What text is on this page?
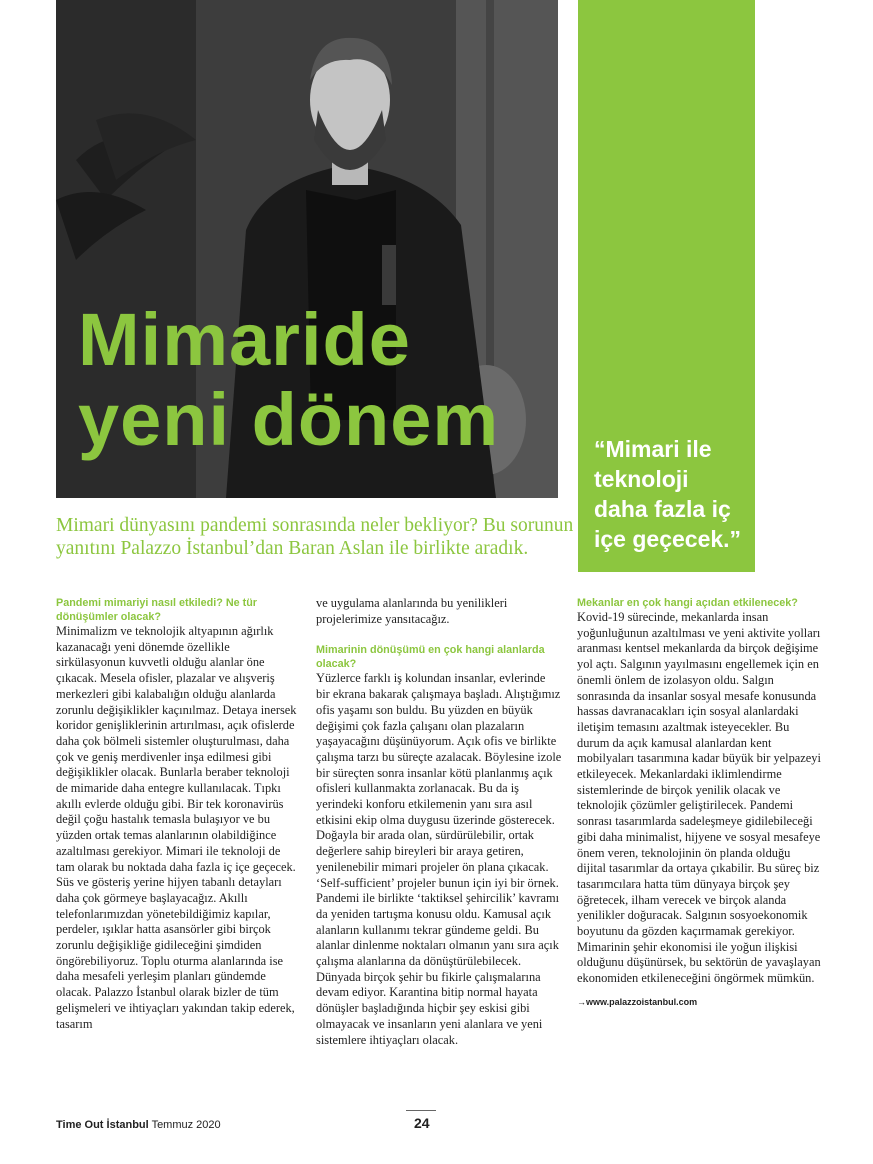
Mimaride
yeni dönem	“Mimari ile teknoloji daha fazla iç içe geçecek.”

Mimari dünyasını pandemi sonrasında neler bekliyor? Bu sorunun yanıtını Palazzo İstanbul’dan Baran Aslan ile birlikte aradık.

Pandemi mimariyi nasıl etkiledi? Ne tür dönüşümler olacak?

Minimalizm ve teknolojik altyapının ağırlık kazanacağı yeni dönemde özellikle sirkülasyonun kuvvetli olduğu alanlar öne çıkacak. Mesela ofisler, plazalar ve alışveriş merkezleri gibi kalabalığın olduğu alanlarda zorunlu değişiklikler kaçınılmaz. Detaya inersek koridor genişliklerinin artırılması, açık ofislerde daha çok bölmeli sistemler oluşturulması, daha çok ve geniş merdivenler inşa edilmesi gibi değişiklikler olacak. Bunlarla beraber teknoloji de mimaride daha entegre kullanılacak. Tıpkı akıllı evlerde olduğu gibi. Bir tek koronavirüs değil çoğu hastalık temasla bulaşıyor ve bu yüzden ortak temas alanlarının olabildiğince azaltılması gerekiyor. Mimari ile teknoloji de tam olarak bu noktada daha fazla iç içe geçecek. Süs ve gösteriş yerine hijyen tabanlı detayları daha çok görmeye başlayacağız. Akıllı telefonlarımızdan yönetebildiğimiz kapılar, perdeler, ışıklar hatta asansörler gibi birçok zorunlu değişikliğe gidileceğini şimdiden öngörebiliyoruz. Toplu oturma alanlarında ise daha mesafeli yerleşim planları gündemde olacak. Palazzo İstanbul olarak bizler de tüm gelişmeleri ve ihtiyaçları yakından takip ederek, tasarım

ve uygulama alanlarında bu yenilikleri projelerimize yansıtacağız.

Mimarinin dönüşümü en çok hangi alanlarda olacak?

Yüzlerce farklı iş kolundan insanlar, evlerinde bir ekrana bakarak çalışmaya başladı. Alıştığımız ofis yaşamı son buldu. Bu yüzden en büyük değişimi çok fazla çalışanı olan plazaların yaşayacağını düşünüyorum. Açık ofis ve birlikte çalışma tarzı bu süreçte azalacak. Böylesine izole bir süreçten sonra insanlar kötü planlanmış açık ofisleri kullanmakta zorlanacak. Bu da iş yerindeki konforu etkilemenin yanı sıra asıl etkisini ekip olma duygusu üzerinde gösterecek. Doğayla bir arada olan, sürdürülebilir, ortak değerlere sahip bireyleri bir araya getiren, yenilenebilir mimari projeler ön plana çıkacak. ‘Self-sufficient’ projeler bunun için iyi bir örnek. Pandemi ile birlikte ‘taktiksel şehircilik’ kavramı da yeniden tartışma konusu oldu. Kamusal açık alanların kullanımı tekrar gündeme geldi. Bu alanlar dinlenme noktaları olmanın yanı sıra açık çalışma alanlarına da dönüştürülebilecek. Dünyada birçok şehir bu fikirle çalışmalarına devam ediyor. Karantina bitip normal hayata dönüşler başladığında hiçbir şey eskisi gibi olmayacak ve insanların yeni alanlara ve yeni sistemlere ihtiyaçları olacak.

Mekanlar en çok hangi açıdan etkilenecek?

Kovid-19 sürecinde, mekanlarda insan yoğunluğunun azaltılması ve yeni aktivite yolları aranması kentsel mekanlarda da birçok değişime yol açtı. Salgının yayılmasını engellemek için en önemli önlem de izolasyon oldu. Salgın sonrasında da insanlar sosyal mesafe konusunda hassas davranacakları için sosyal alanlardaki iletişim temasını azaltmak isteyecekler. Bu durum da açık kamusal alanlardan kent mobilyaları tasarımına kadar büyük bir yelpazeyi etkileyecek. Mekanlardaki iklimlendirme sistemlerinde de birçok yenilik olacak ve teknolojik çözümler geliştirilecek. Pandemi sonrası tasarımlarda sadeleşmeye gidilebileceği gibi daha minimalist, hijyene ve sosyal mesafeye önem veren, teknolojinin ön planda olduğu dijital tasarımlar da ortaya çıkabilir. Bu süreç biz tasarımcılara hatta tüm dünyaya birçok şey öğretecek, ilham verecek ve birçok alanda yenilikler doğuracak. Salgının sosyoekonomik boyutunu da gözden kaçırmamak gerekiyor. Mimarinin şehir ekonomisi ile yoğun ilişkisi olduğunu düşünürsek, bu sektörün de yavaşlayan ekonomiden etkileneceğini öngörmek mümkün.

→www.palazzoistanbul.com

Time Out İstanbul Temmuz 2020	24
